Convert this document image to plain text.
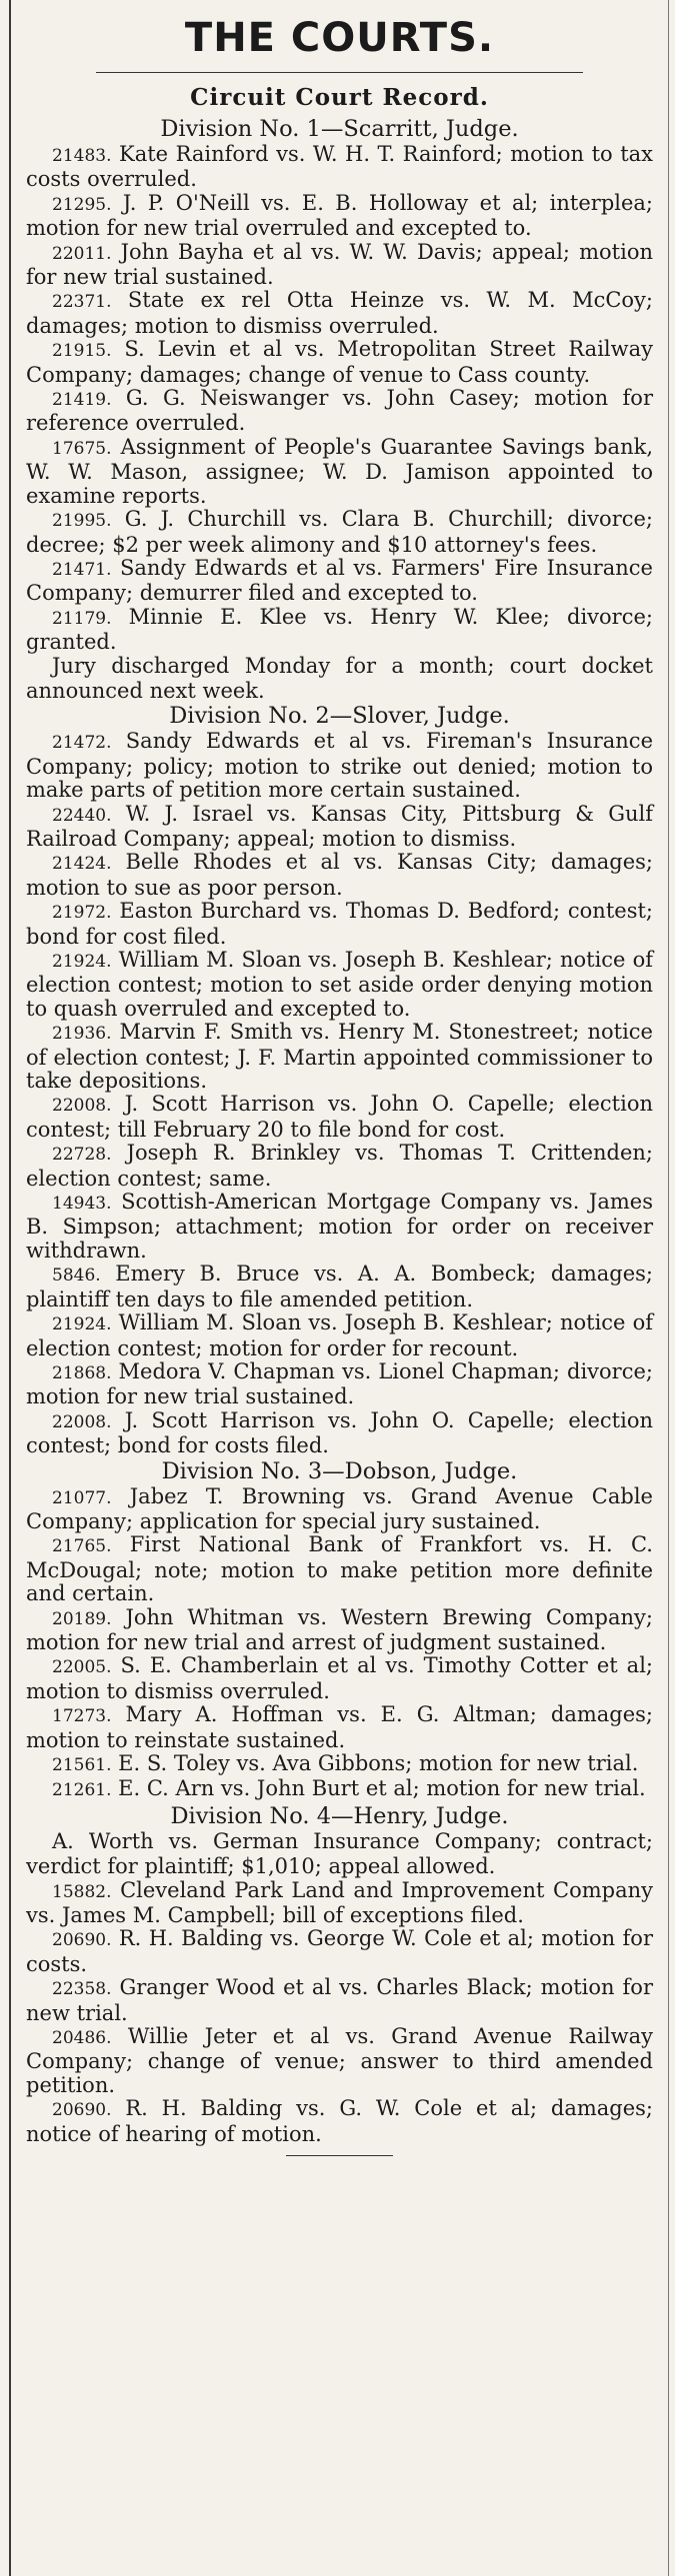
THE COURTS.
Circuit Court Record.
Division No. 1—Scarritt, Judge.

21483. Kate Rainford vs. W. H. T. Rainford; motion to tax costs overruled.

21295. J. P. O'Neill vs. E. B. Holloway et al; interplea; motion for new trial overruled and excepted to.

22011. John Bayha et al vs. W. W. Davis; appeal; motion for new trial sustained.

22371. State ex rel Otta Heinze vs. W. M. McCoy; damages; motion to dismiss overruled.

21915. S. Levin et al vs. Metropolitan Street Railway Company; damages; change of venue to Cass county.

21419. G. G. Neiswanger vs. John Casey; motion for reference overruled.

17675. Assignment of People's Guarantee Savings bank, W. W. Mason, assignee; W. D. Jamison appointed to examine reports.

21995. G. J. Churchill vs. Clara B. Churchill; divorce; decree; $2 per week alimony and $10 attorney's fees.

21471. Sandy Edwards et al vs. Farmers' Fire Insurance Company; demurrer filed and excepted to.

21179. Minnie E. Klee vs. Henry W. Klee; divorce; granted.

Jury discharged Monday for a month; court docket announced next week.

Division No. 2—Slover, Judge.

21472. Sandy Edwards et al vs. Fireman's Insurance Company; policy; motion to strike out denied; motion to make parts of petition more certain sustained.

22440. W. J. Israel vs. Kansas City, Pittsburg & Gulf Railroad Company; appeal; motion to dismiss.

21424. Belle Rhodes et al vs. Kansas City; damages; motion to sue as poor person.

21972. Easton Burchard vs. Thomas D. Bedford; contest; bond for cost filed.

21924. William M. Sloan vs. Joseph B. Keshlear; notice of election contest; motion to set aside order denying motion to quash overruled and excepted to.

21936. Marvin F. Smith vs. Henry M. Stonestreet; notice of election contest; J. F. Martin appointed commissioner to take depositions.

22008. J. Scott Harrison vs. John O. Capelle; election contest; till February 20 to file bond for cost.

22728. Joseph R. Brinkley vs. Thomas T. Crittenden; election contest; same.

14943. Scottish-American Mortgage Company vs. James B. Simpson; attachment; motion for order on receiver withdrawn.

5846. Emery B. Bruce vs. A. A. Bombeck; damages; plaintiff ten days to file amended petition.

21924. William M. Sloan vs. Joseph B. Keshlear; notice of election contest; motion for order for recount.

21868. Medora V. Chapman vs. Lionel Chapman; divorce; motion for new trial sustained.

22008. J. Scott Harrison vs. John O. Capelle; election contest; bond for costs filed.

Division No. 3—Dobson, Judge.

21077. Jabez T. Browning vs. Grand Avenue Cable Company; application for special jury sustained.

21765. First National Bank of Frankfort vs. H. C. McDougal; note; motion to make petition more definite and certain.

20189. John Whitman vs. Western Brewing Company; motion for new trial and arrest of judgment sustained.

22005. S. E. Chamberlain et al vs. Timothy Cotter et al; motion to dismiss overruled.

17273. Mary A. Hoffman vs. E. G. Altman; damages; motion to reinstate sustained.

21561. E. S. Toley vs. Ava Gibbons; motion for new trial.

21261. E. C. Arn vs. John Burt et al; motion for new trial.

Division No. 4—Henry, Judge.

A. Worth vs. German Insurance Company; contract; verdict for plaintiff; $1,010; appeal allowed.

15882. Cleveland Park Land and Improvement Company vs. James M. Campbell; bill of exceptions filed.

20690. R. H. Balding vs. George W. Cole et al; motion for costs.

22358. Granger Wood et al vs. Charles Black; motion for new trial.

20486. Willie Jeter et al vs. Grand Avenue Railway Company; change of venue; answer to third amended petition.

20690. R. H. Balding vs. G. W. Cole et al; damages; notice of hearing of motion.
